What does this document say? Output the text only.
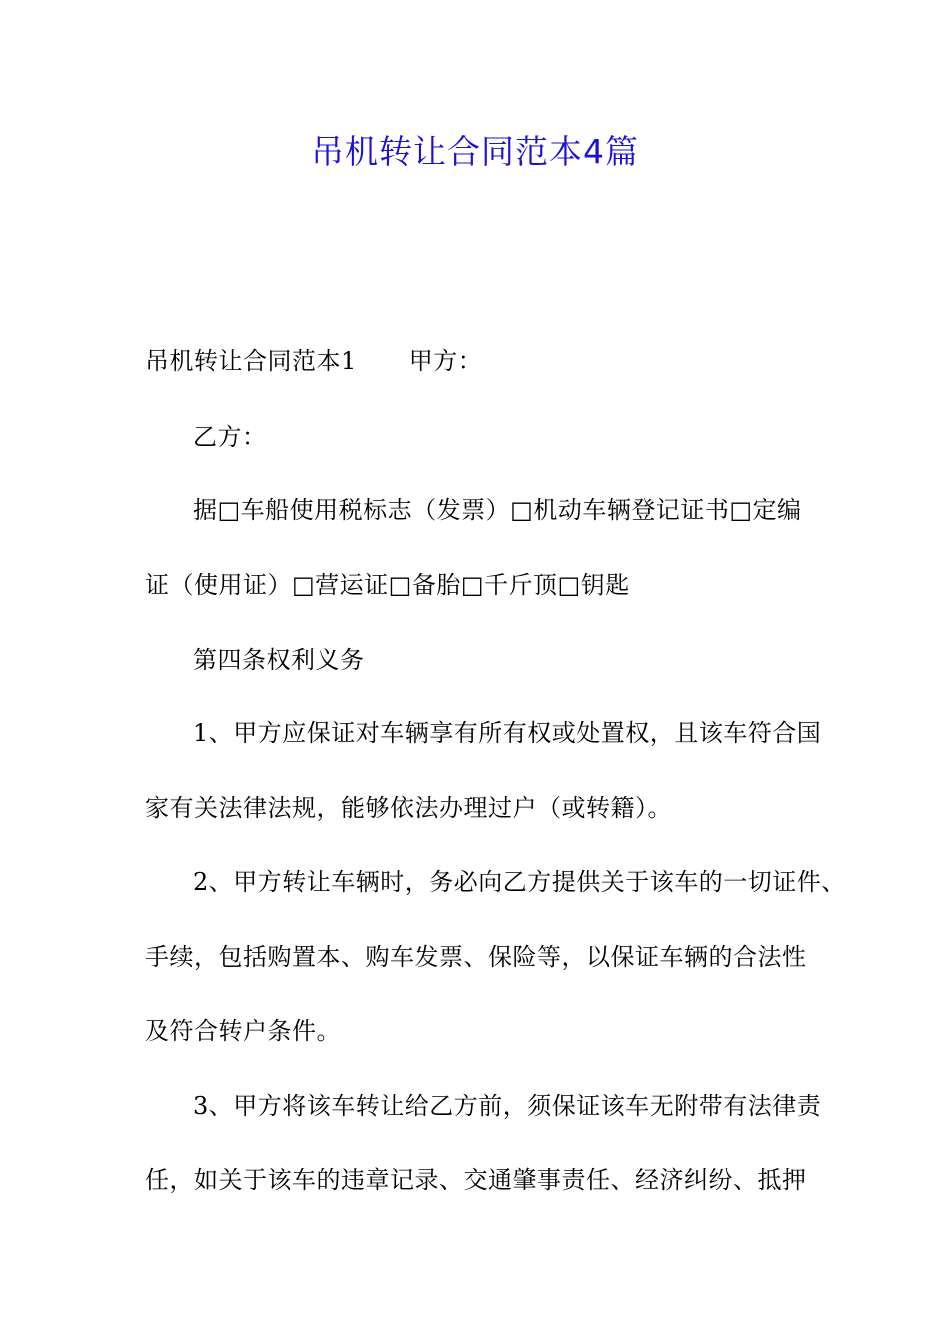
吊机转让合同范本4篇
吊机转让合同范本1 甲方：
乙方：
据□车船使用税标志（发票）□机动车辆登记证书□定编
证（使用证）□营运证□备胎□千斤顶□钥匙
第四条权利义务
1、甲方应保证对车辆享有所有权或处置权，且该车符合国
家有关法律法规，能够依法办理过户（或转籍）。
2、甲方转让车辆时，务必向乙方提供关于该车的一切证件、
手续，包括购置本、购车发票、保险等，以保证车辆的合法性
及符合转户条件。
3、甲方将该车转让给乙方前，须保证该车无附带有法律责
任，如关于该车的违章记录、交通肇事责任、经济纠纷、抵押
